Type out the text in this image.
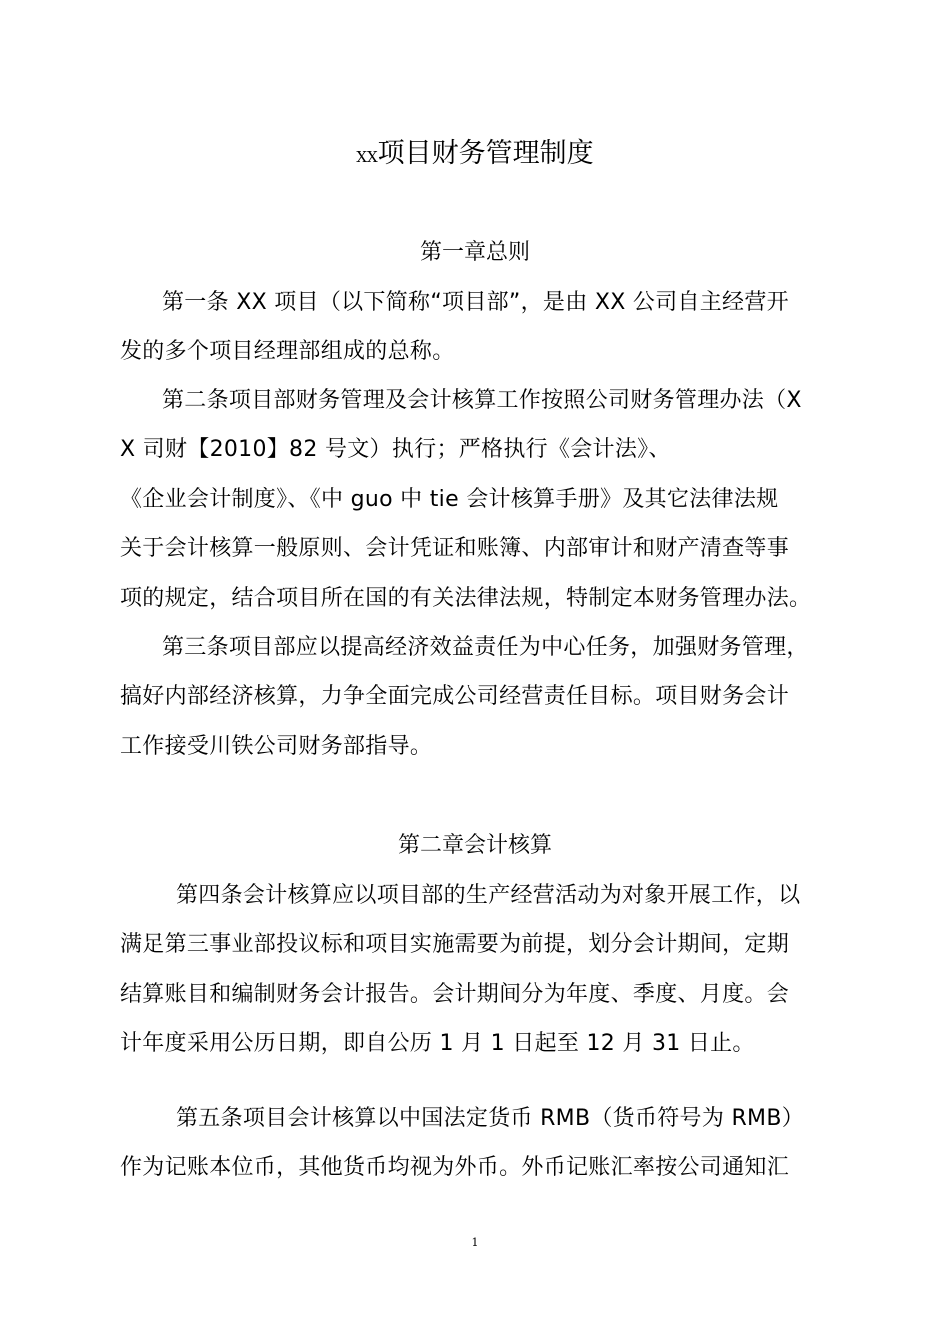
XX项目财务管理制度
第一章总则
第一条 XX 项目（以下简称“项目部”，是由 XX 公司自主经营开
发的多个项目经理部组成的总称。
第二条项目部财务管理及会计核算工作按照公司财务管理办法（X
X 司财【2010】82 号文）执行；严格执行《会计法》、
《企业会计制度》、《中 guo 中 tie 会计核算手册》及其它法律法规
关于会计核算一般原则、会计凭证和账簿、内部审计和财产清查等事
项的规定，结合项目所在国的有关法律法规，特制定本财务管理办法。
第三条项目部应以提高经济效益责任为中心任务，加强财务管理，
搞好内部经济核算，力争全面完成公司经营责任目标。项目财务会计
工作接受川铁公司财务部指导。
第二章会计核算
第四条会计核算应以项目部的生产经营活动为对象开展工作，以
满足第三事业部投议标和项目实施需要为前提，划分会计期间，定期
结算账目和编制财务会计报告。会计期间分为年度、季度、月度。会
计年度采用公历日期，即自公历 1 月 1 日起至 12 月 31 日止。
第五条项目会计核算以中国法定货币 RMB（货币符号为 RMB）
作为记账本位币，其他货币均视为外币。外币记账汇率按公司通知汇
1
